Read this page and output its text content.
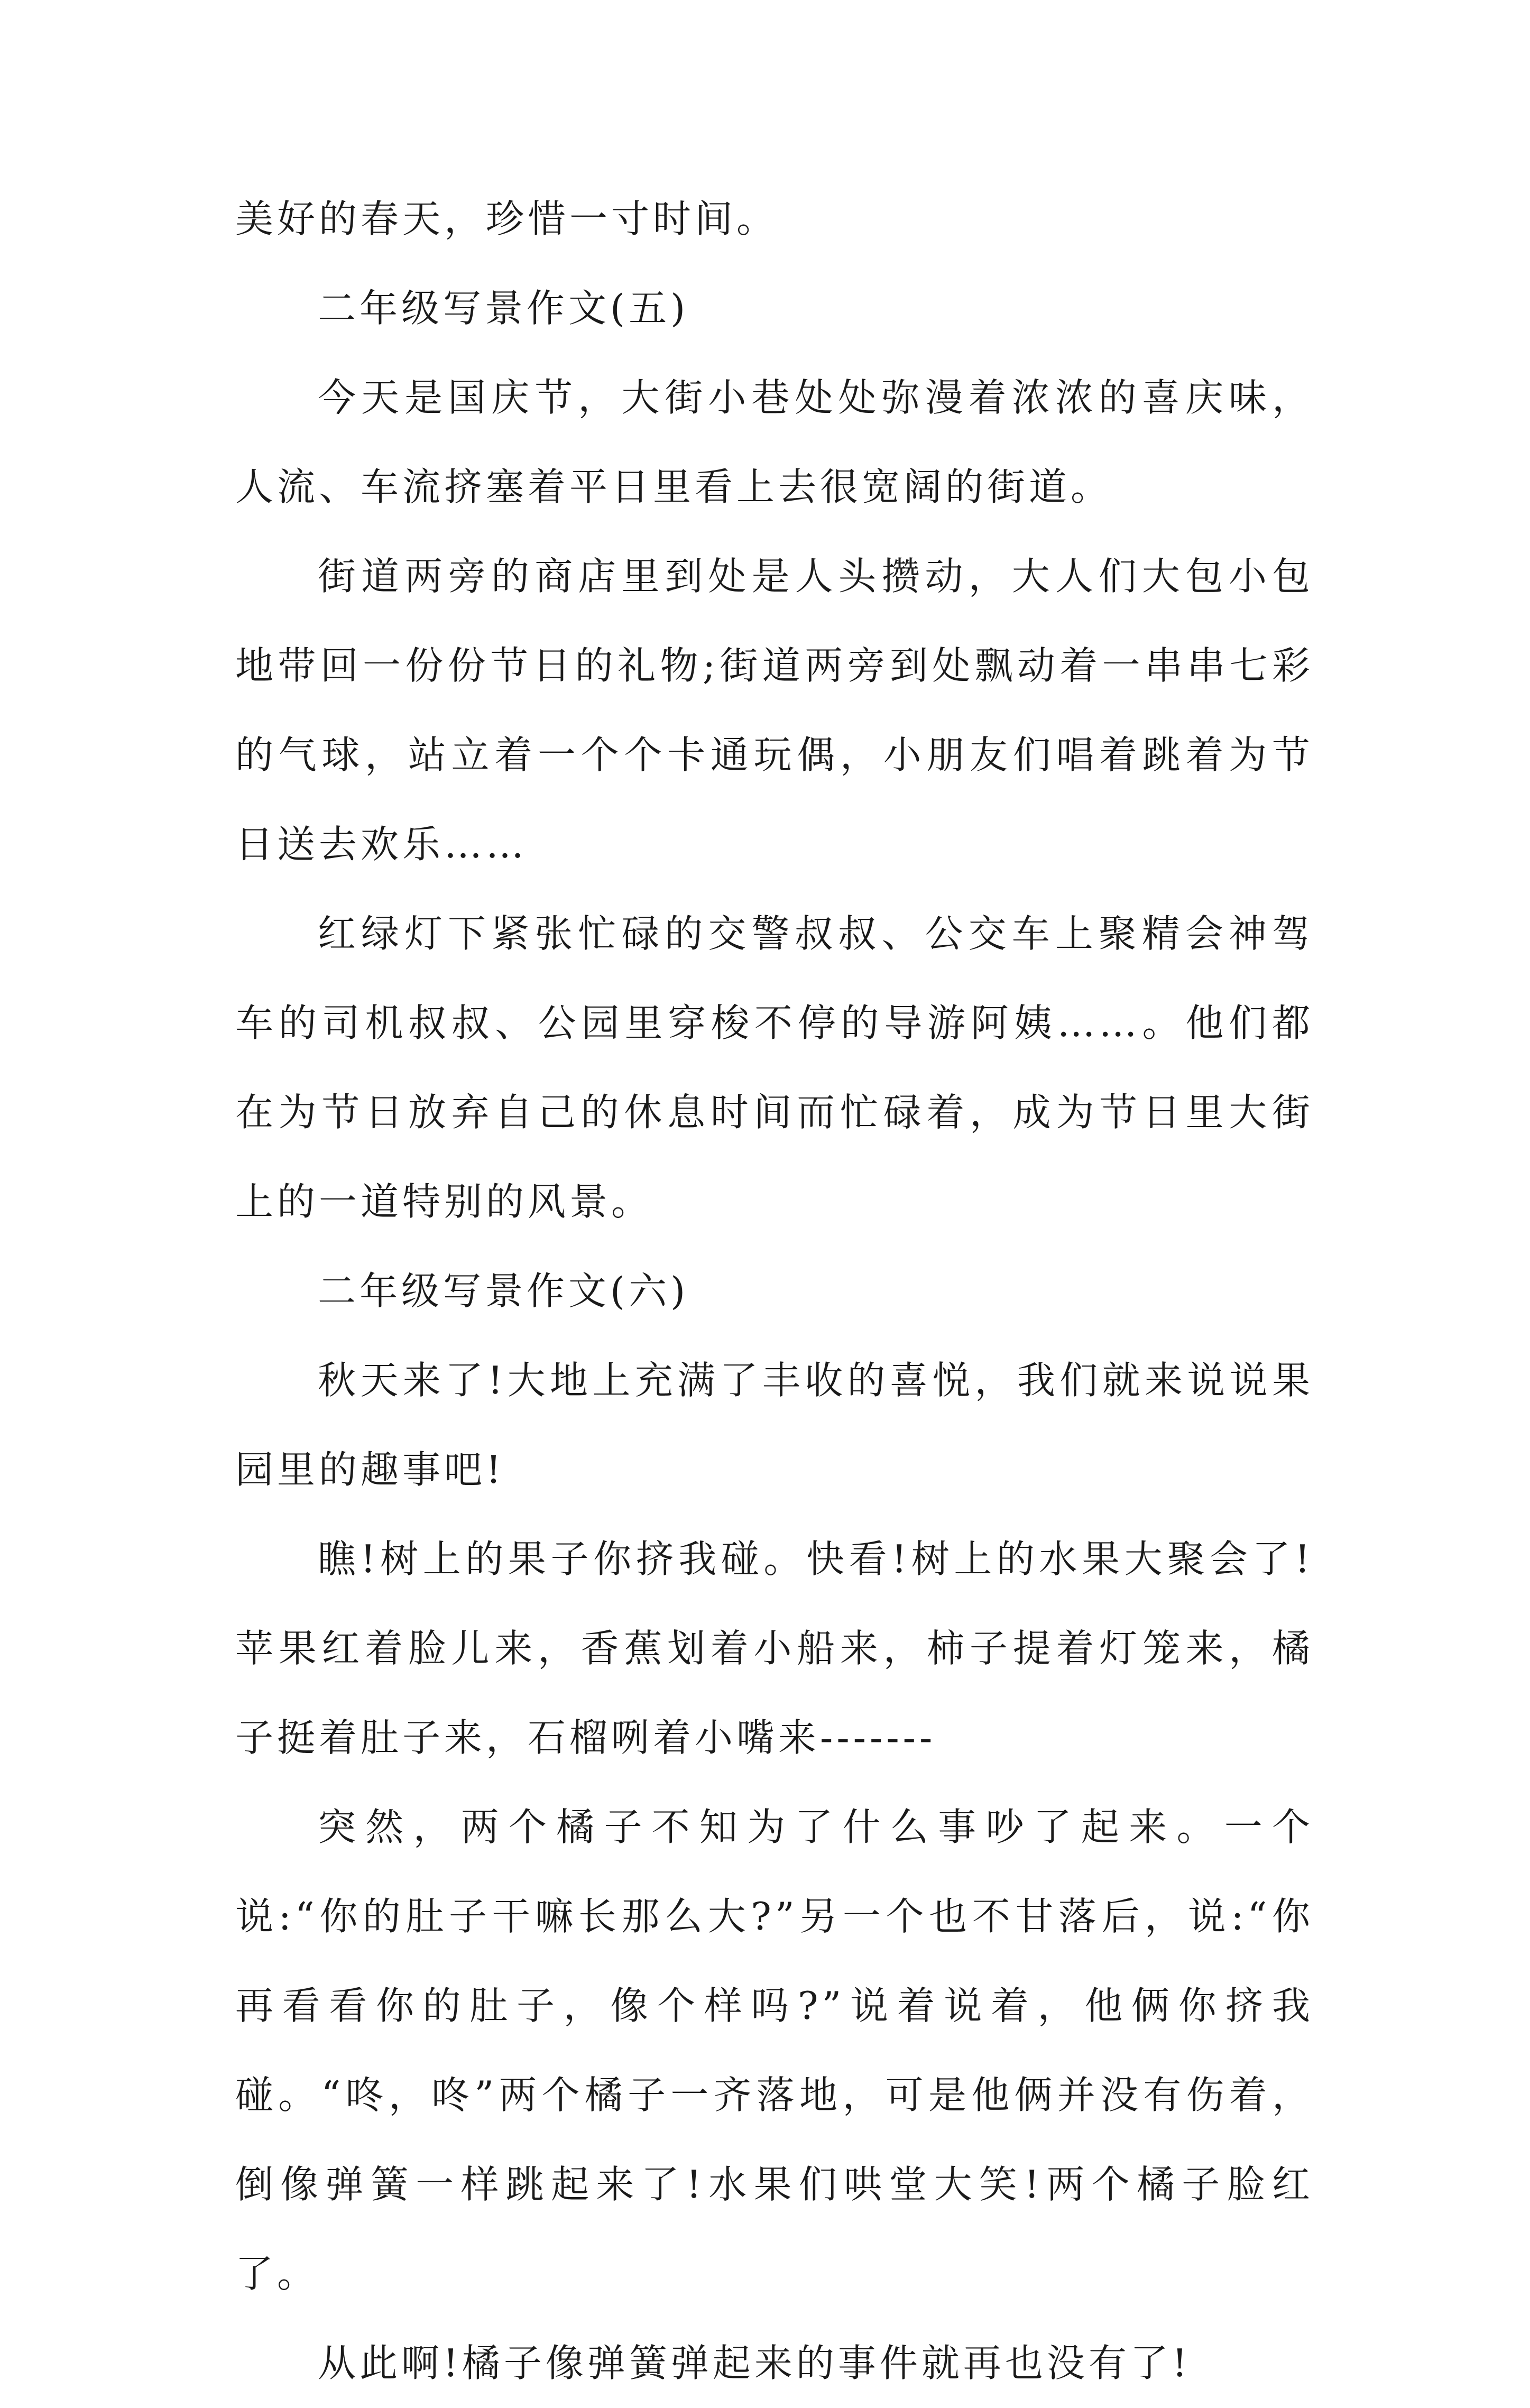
美好的春天，珍惜一寸时间。

二年级写景作文(五)

今天是国庆节，大街小巷处处弥漫着浓浓的喜庆味，人流、车流挤塞着平日里看上去很宽阔的街道。

街道两旁的商店里到处是人头攒动，大人们大包小包地带回一份份节日的礼物;街道两旁到处飘动着一串串七彩的气球，站立着一个个卡通玩偶，小朋友们唱着跳着为节日送去欢乐……

红绿灯下紧张忙碌的交警叔叔、公交车上聚精会神驾车的司机叔叔、公园里穿梭不停的导游阿姨……。他们都在为节日放弃自己的休息时间而忙碌着，成为节日里大街上的一道特别的风景。

二年级写景作文(六)

秋天来了!大地上充满了丰收的喜悦，我们就来说说果园里的趣事吧!

瞧!树上的果子你挤我碰。快看!树上的水果大聚会了!苹果红着脸儿来，香蕉划着小船来，柿子提着灯笼来，橘子挺着肚子来，石榴咧着小嘴来-------

突然，两个橘子不知为了什么事吵了起来。一个说:“你的肚子干嘛长那么大?”另一个也不甘落后，说:“你再看看你的肚子，像个样吗?”说着说着，他俩你挤我碰。“咚，咚”两个橘子一齐落地，可是他俩并没有伤着，倒像弹簧一样跳起来了!水果们哄堂大笑!两个橘子脸红了。

从此啊!橘子像弹簧弹起来的事件就再也没有了!
